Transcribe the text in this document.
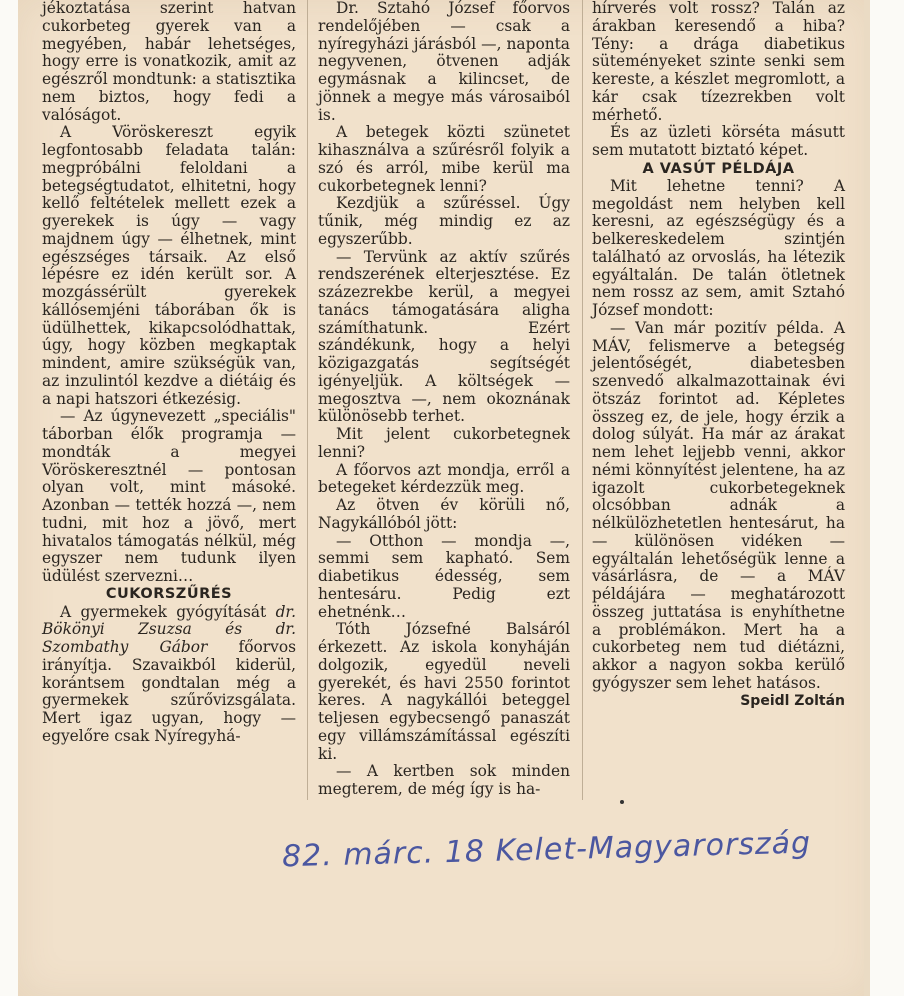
jékoztatása szerint hatvan cukorbeteg gyerek van a megyében, habár lehetséges, hogy erre is vonatkozik, amit az egészről mondtunk: a statisztika nem biztos, hogy fedi a valóságot.

A Vöröskereszt egyik legfontosabb feladata talán: megpróbálni feloldani a betegségtudatot, elhitetni, hogy kellő feltételek mellett ezek a gyerekek is úgy — vagy majdnem úgy — élhetnek, mint egészséges társaik. Az első lépésre ez idén került sor. A mozgássérült gyerekek kállósemjéni táborában ők is üdülhettek, kikapcsolódhattak, úgy, hogy közben megkaptak mindent, amire szükségük van, az inzulintól kezdve a diétáig és a napi hatszori étkezésig.

— Az úgynevezett „speciális" táborban élők programja — mondták a megyei Vöröskeresztnél — pontosan olyan volt, mint másoké. Azonban — tették hozzá —, nem tudni, mit hoz a jövő, mert hivatalos támogatás nélkül, még egyszer nem tudunk ilyen üdülést szervezni…

CUKORSZŰRÉS

A gyermekek gyógyítását dr. Bökönyi Zsuzsa és dr. Szombathy Gábor főorvos irányítja. Szavaikból kiderül, korántsem gondtalan még a gyermekek szűrővizsgálata. Mert igaz ugyan, hogy — egyelőre csak Nyíregyhá-

Dr. Sztahó József főorvos rendelőjében — csak a nyíregyházi járásból —, naponta negyvenen, ötvenen adják egymásnak a kilincset, de jönnek a megye más városaiból is.

A betegek közti szünetet kihasználva a szűrésről folyik a szó és arról, mibe kerül ma cukorbetegnek lenni?

Kezdjük a szűréssel. Úgy tűnik, még mindig ez az egyszerűbb.

— Tervünk az aktív szűrés rendszerének elterjesztése. Ez százezrekbe kerül, a megyei tanács támogatására aligha számíthatunk. Ezért szándékunk, hogy a helyi közigazgatás segítségét igényeljük. A költségek — megosztva —, nem okoznának különösebb terhet.

Mit jelent cukorbetegnek lenni?

A főorvos azt mondja, erről a betegeket kérdezzük meg.

Az ötven év körüli nő, Nagykállóból jött:

— Otthon — mondja —, semmi sem kapható. Sem diabetikus édesség, sem hentesáru. Pedig ezt ehetnénk…

Tóth Józsefné Balsáról érkezett. Az iskola konyháján dolgozik, egyedül neveli gyerekét, és havi 2550 forintot keres. A nagykállói beteggel teljesen egybecsengő panaszát egy villámszámítással egészíti ki.

— A kertben sok minden megterem, de még így is ha-

hírverés volt rossz? Talán az árakban keresendő a hiba? Tény: a drága diabetikus süteményeket szinte senki sem kereste, a készlet megromlott, a kár csak tízezrekben volt mérhető.

És az üzleti körséta másutt sem mutatott biztató képet.

A VASÚT PÉLDÁJA

Mit lehetne tenni? A megoldást nem helyben kell keresni, az egészségügy és a belkereskedelem szintjén található az orvoslás, ha létezik egyáltalán. De talán ötletnek nem rossz az sem, amit Sztahó József mondott:

— Van már pozitív példa. A MÁV, felismerve a betegség jelentőségét, diabetesben szenvedő alkalmazottainak évi ötszáz forintot ad. Képletes összeg ez, de jele, hogy érzik a dolog súlyát. Ha már az árakat nem lehet lejjebb venni, akkor némi könnyítést jelentene, ha az igazolt cukorbetegeknek olcsóbban adnák a nélkülözhetetlen hentesárut, ha — különösen vidéken — egyáltalán lehetőségük lenne a vásárlásra, de — a MÁV példájára — meghatározott összeg juttatása is enyhíthetne a problémákon. Mert ha a cukorbeteg nem tud diétázni, akkor a nagyon sokba kerülő gyógyszer sem lehet hatásos.

Speidl Zoltán

82. márc. 18 Kelet-Magyarország
